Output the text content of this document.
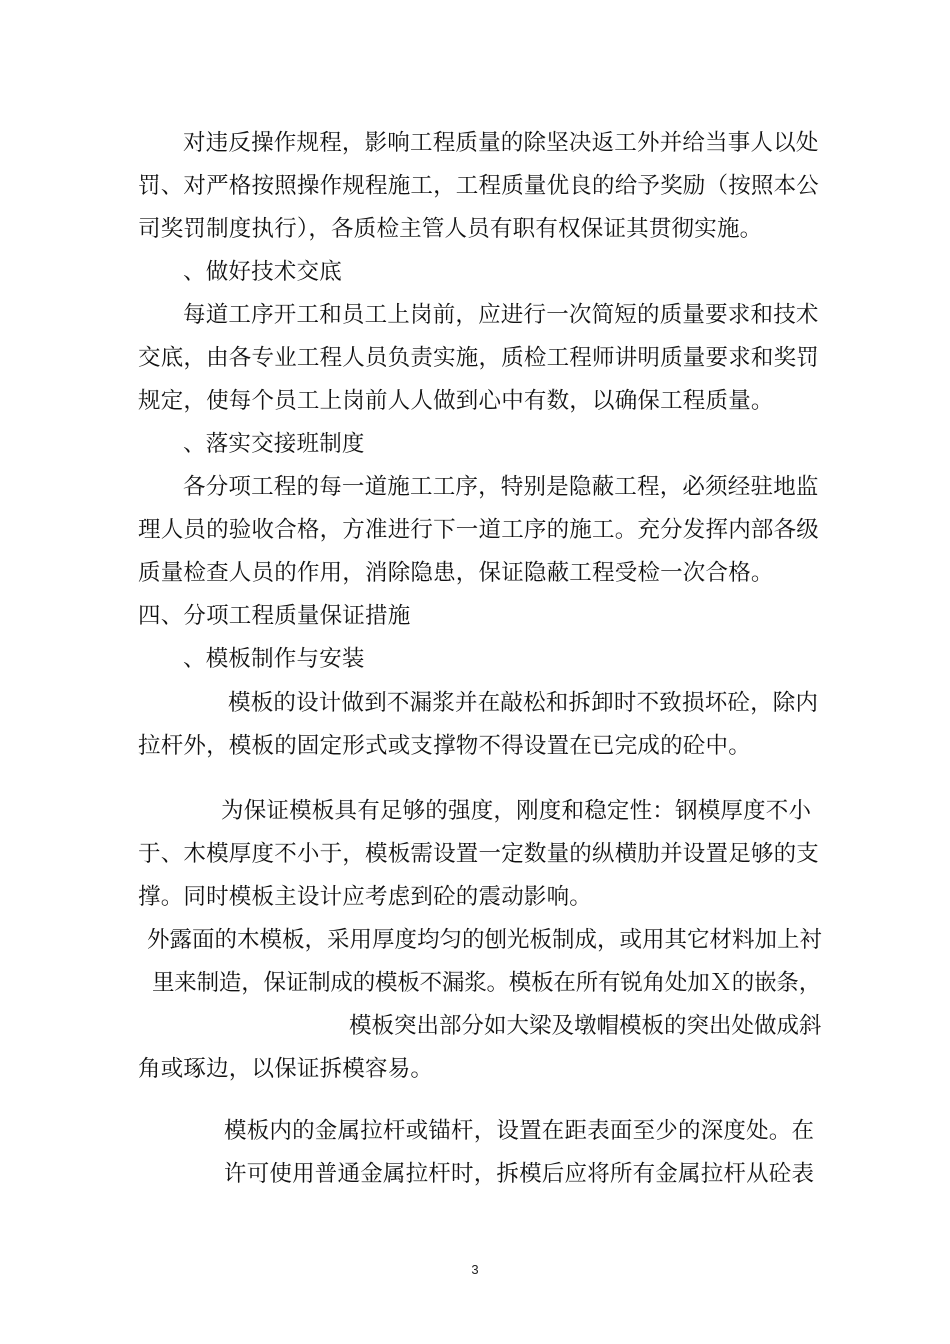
对违反操作规程，影响工程质量的除坚决返工外并给当事人以处
罚、对严格按照操作规程施工，工程质量优良的给予奖励（按照本公
司奖罚制度执行），各质检主管人员有职有权保证其贯彻实施。
、做好技术交底
每道工序开工和员工上岗前，应进行一次简短的质量要求和技术
交底，由各专业工程人员负责实施，质检工程师讲明质量要求和奖罚
规定，使每个员工上岗前人人做到心中有数，以确保工程质量。
、落实交接班制度
各分项工程的每一道施工工序，特别是隐蔽工程，必须经驻地监
理人员的验收合格，方准进行下一道工序的施工。充分发挥内部各级
质量检查人员的作用，消除隐患，保证隐蔽工程受检一次合格。
四、分项工程质量保证措施
、模板制作与安装
模板的设计做到不漏浆并在敲松和拆卸时不致损坏砼，除内
拉杆外，模板的固定形式或支撑物不得设置在已完成的砼中。
为保证模板具有足够的强度，刚度和稳定性：钢模厚度不小
于、木模厚度不小于，模板需设置一定数量的纵横肋并设置足够的支
撑。同时模板主设计应考虑到砼的震动影响。
外露面的木模板，采用厚度均匀的刨光板制成，或用其它材料加上衬
里来制造，保证制成的模板不漏浆。模板在所有锐角处加Ｘ的嵌条，
模板突出部分如大梁及墩帽模板的突出处做成斜
角或琢边，以保证拆模容易。
模板内的金属拉杆或锚杆，设置在距表面至少的深度处。在
许可使用普通金属拉杆时，拆模后应将所有金属拉杆从砼表
3
